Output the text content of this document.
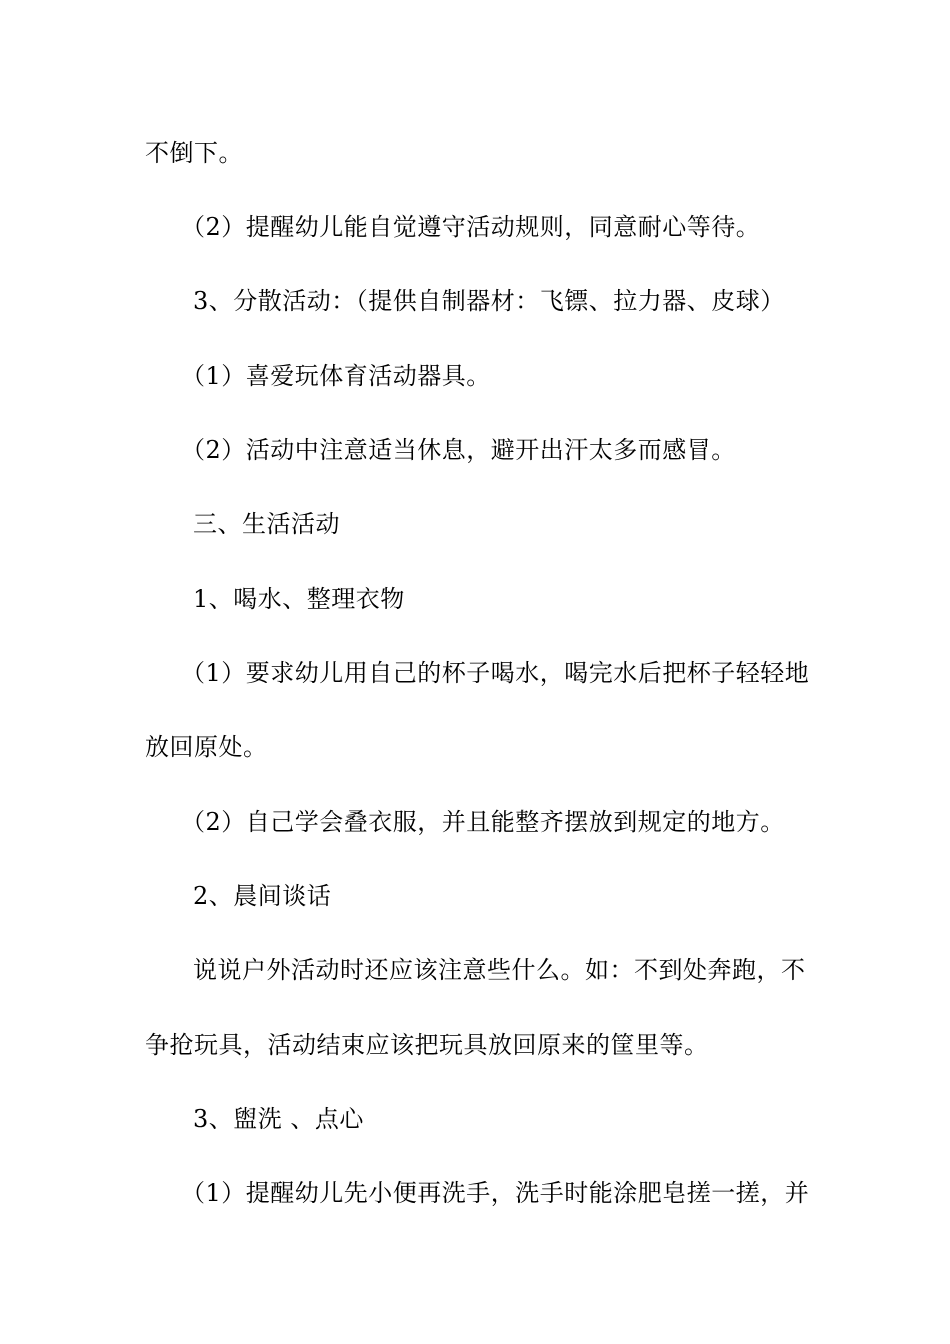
不倒下。
（2）提醒幼儿能自觉遵守活动规则，同意耐心等待。
3、分散活动：（提供自制器材：飞镖、拉力器、皮球）
（1）喜爱玩体育活动器具。
（2）活动中注意适当休息，避开出汗太多而感冒。
三、生活活动
1、喝水、整理衣物
（1）要求幼儿用自己的杯子喝水，喝完水后把杯子轻轻地
放回原处。
（2）自己学会叠衣服，并且能整齐摆放到规定的地方。
2、晨间谈话
说说户外活动时还应该注意些什么。如：不到处奔跑，不
争抢玩具，活动结束应该把玩具放回原来的筐里等。
3、盥洗 、点心
（1）提醒幼儿先小便再洗手，洗手时能涂肥皂搓一搓，并
